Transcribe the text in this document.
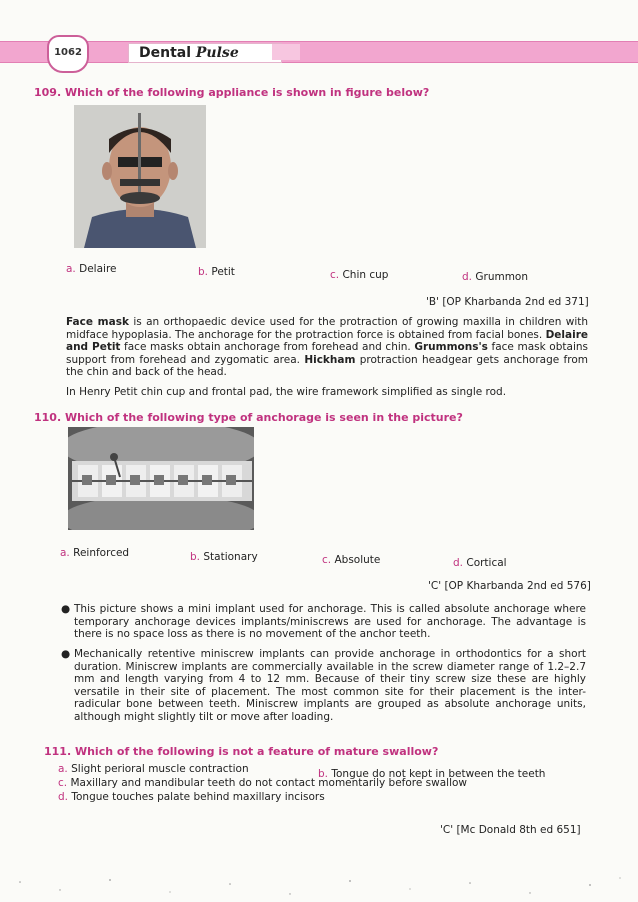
1062	Dental Pulse
109. Which of the following appliance is shown in figure below?
a. Delaire	b. Petit	c. Chin cup	d. Grummon
'B' [OP Kharbanda 2nd ed 371]
Face mask is an orthopaedic device used for the protraction of growing maxilla in children with midface hypoplasia. The anchorage for the protraction force is obtained from facial bones. Delaire and Petit face masks obtain anchorage from forehead and chin. Grummons's face mask obtains support from forehead and zygomatic area. Hickham protraction headgear gets anchorage from the chin and back of the head.
In Henry Petit chin cup and frontal pad, the wire framework simplified as single rod.
110. Which of the following type of anchorage is seen in the picture?
a. Reinforced	b. Stationary	c. Absolute	d. Cortical
'C' [OP Kharbanda 2nd ed 576]
● This picture shows a mini implant used for anchorage. This is called absolute anchorage where temporary anchorage devices implants/miniscrews are used for anchorage. The advantage is there is no space loss as there is no movement of the anchor teeth.
● Mechanically retentive miniscrew implants can provide anchorage in orthodontics for a short duration. Miniscrew implants are commercially available in the screw diameter range of 1.2–2.7 mm and length varying from 4 to 12 mm. Because of their tiny screw size these are highly versatile in their site of placement. The most common site for their placement is the inter-radicular bone between teeth. Miniscrew implants are grouped as absolute anchorage units, although might slightly tilt or move after loading.
111. Which of the following is not a feature of mature swallow?
a. Slight perioral muscle contraction	b. Tongue do not kept in between the teeth
c. Maxillary and mandibular teeth do not contact momentarily before swallow
d. Tongue touches palate behind maxillary incisors
'C' [Mc Donald 8th ed 651]
